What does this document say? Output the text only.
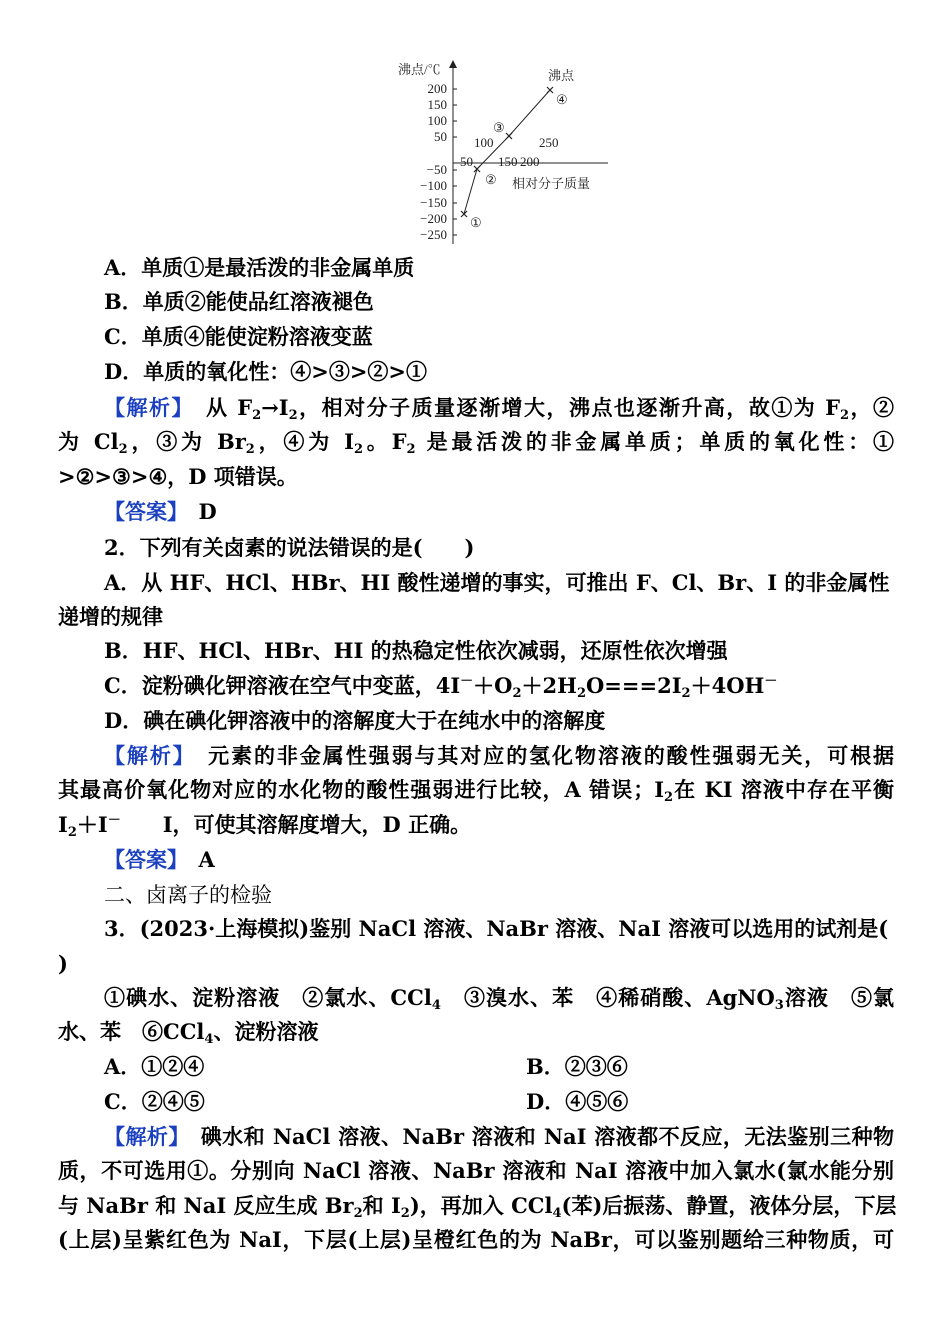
沸点/℃
200
150
100
50
−50
−100
−150
−200
−250
50
100
150 200
250
相对分子质量
沸点
①
②
③
④
A．单质①是最活泼的非金属单质
B．单质②能使品红溶液褪色
C．单质④能使淀粉溶液变蓝
D．单质的氧化性：④>③>②>①
【解析】　从 $F_2\to I_2$，相对分子质量逐渐增大，沸点也逐渐升高，故①为 $F_2$，②
为 $Cl_2$，③为 $Br_2$，④为 $I_2$。$F_2$ 是最活泼的非金属单质；单质的氧化性：①
>②>③>④，D 项错误。
【答案】　 D
2．下列有关卤素的说法错误的是(　　)
A．从 HF、HCl、HBr、HI 酸性递增的事实，可推出 F、Cl、Br、I 的非金属性
递增的规律
B．HF、HCl、HBr、HI 的热稳定性依次减弱，还原性依次增强
C．淀粉碘化钾溶液在空气中变蓝，$4I^-+O_2+2H_2O===2I_2+4OH^-$
D．碘在碘化钾溶液中的溶解度大于在纯水中的溶解度
【解析】　 元素的非金属性强弱与其对应的氢化物溶液的酸性强弱无关，可根据
其最高价氧化物对应的水化物的酸性强弱进行比较，A 错误；$I_2$在 KI 溶液中存在平衡
$I_2+I^-$　　I，可使其溶解度增大，D 正确。
【答案】　 A
二、卤离子的检验
3．(2023·上海模拟)鉴别 NaCl 溶液、NaBr 溶液、NaI 溶液可以选用的试剂是(
)
①碘水、淀粉溶液　②氯水、CCl$_4$　③溴水、苯　④稀硝酸、AgNO$_3$溶液　⑤氯
水、苯　⑥CCl$_4$、淀粉溶液
A．①②④	B．②③⑥
C．②④⑤	D．④⑤⑥
【解析】　 碘水和 NaCl 溶液、NaBr 溶液和 NaI 溶液都不反应，无法鉴别三种物
质，不可选用①。分别向 NaCl 溶液、NaBr 溶液和 NaI 溶液中加入氯水(氯水能分别
与 NaBr 和 NaI 反应生成 $Br_2$和 $I_2$)，再加入 CCl$_4$(苯)后振荡、静置，液体分层，下层
(上层)呈紫红色为 NaI，下层(上层)呈橙红色的为 NaBr，可以鉴别题给三种物质，可
